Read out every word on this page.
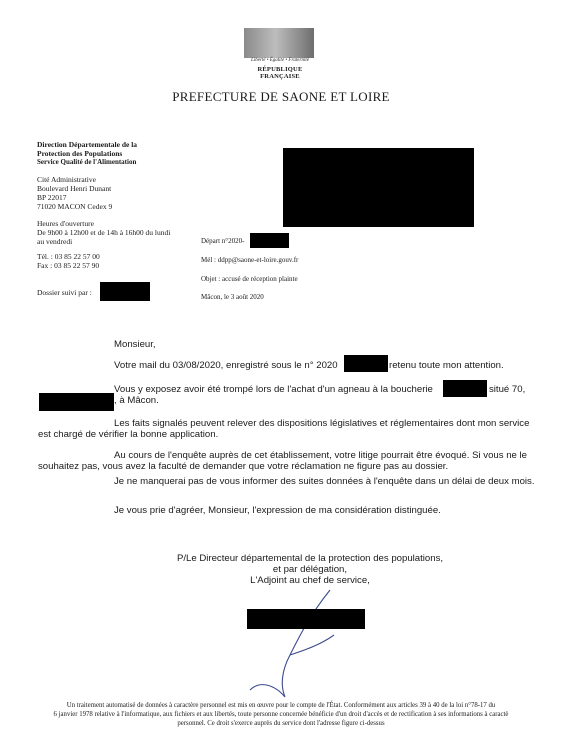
Liberté • Égalité • Fraternité
RÉPUBLIQUE FRANÇAISE
PREFECTURE DE SAONE ET LOIRE
Direction Départementale de la
Protection des Populations
Service Qualité de l'Alimentation
Cité Administrative
Boulevard Henri Dunant
BP 22017
71020 MACON Cedex 9
Heures d'ouverture
De 9h00 à 12h00 et de 14h à 16h00 du lundi
au vendredi
Tél. : 03 85 22 57 00
Fax : 03 85 22 57 90
Dossier suivi par :
Départ n°2020-
Mél : ddpp@saone-et-loire.gouv.fr
Objet : accusé de réception plainte
Mâcon, le 3 août 2020
Monsieur,
Votre mail du 03/08/2020, enregistré sous le n° 2020	retenu toute mon attention.
Vous y exposez avoir été trompé lors de l'achat d'un agneau à la boucherie	situé 70,
, à Mâcon.
Les faits signalés peuvent relever des dispositions législatives et réglementaires dont mon service
est chargé de vérifier la bonne application.
Au cours de l'enquête auprès de cet établissement, votre litige pourrait être évoqué. Si vous ne le
souhaitez pas, vous avez la faculté de demander que votre réclamation ne figure pas au dossier.
Je ne manquerai pas de vous informer des suites données à l'enquête dans un délai de deux mois.
Je vous prie d'agréer, Monsieur, l'expression de ma considération distinguée.
P/Le Directeur départemental de la protection des populations,
et par délégation,
L'Adjoint au chef de service,
Un traitement automatisé de données à caractère personnel est mis en œuvre pour le compte de l'État. Conformément aux articles 39 à 40 de la loi n°78-17 du
6 janvier 1978 relative à l'informatique, aux fichiers et aux libertés, toute personne concernée bénéficie d'un droit d'accès et de rectification à ses informations à caractè
personnel. Ce droit s'exerce auprès du service dont l'adresse figure ci-dessus
